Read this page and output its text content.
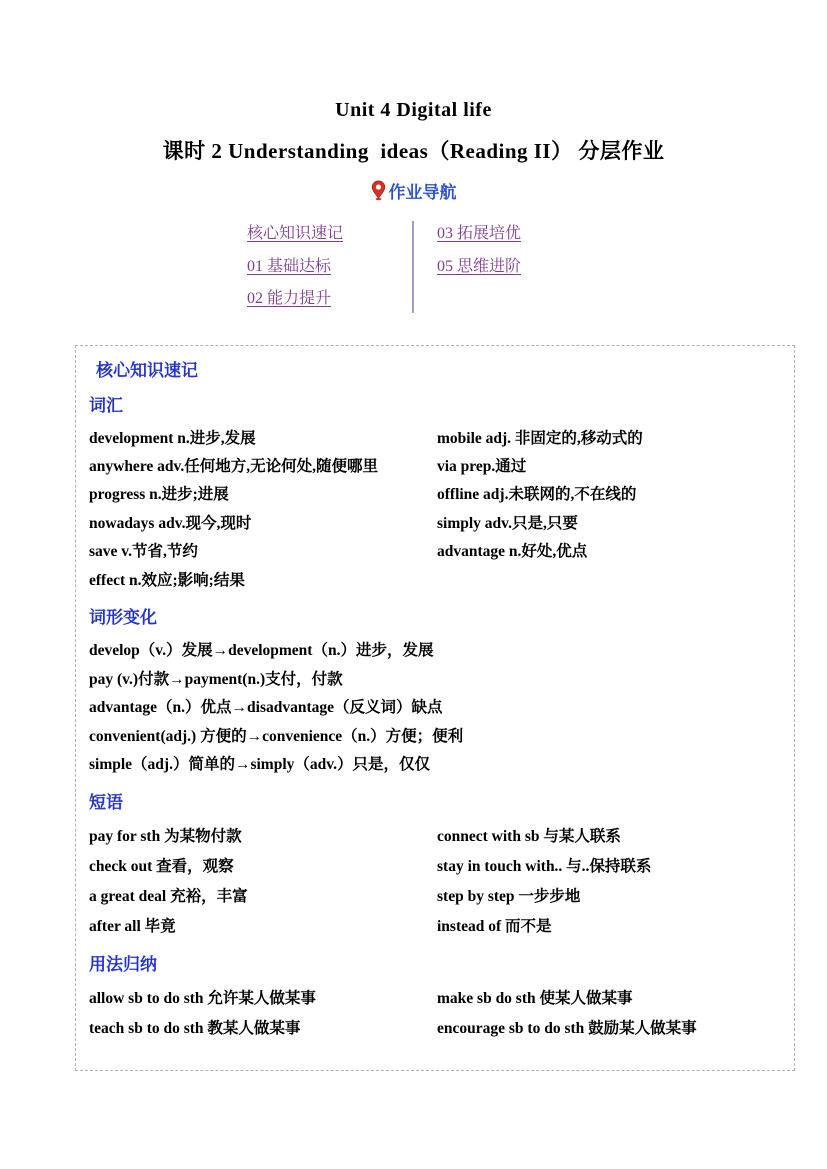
Unit 4 Digital life
课时 2 Understanding  ideas（Reading II） 分层作业
作业导航
核心知识速记
01 基础达标
02 能力提升
03 拓展培优
05 思维进阶
核心知识速记
词汇
development n.进步,发展	mobile adj. 非固定的,移动式的
anywhere adv.任何地方,无论何处,随便哪里	via prep.通过
progress n.进步;进展	offline adj.未联网的,不在线的
nowadays adv.现今,现时	simply adv.只是,只要
save v.节省,节约	advantage n.好处,优点
effect n.效应;影响;结果
词形变化
develop（v.）发展→development（n.）进步，发展
pay (v.)付款→payment(n.)支付，付款
advantage（n.）优点→disadvantage（反义词）缺点
convenient(adj.) 方便的→convenience（n.）方便；便利
simple（adj.）简单的→simply（adv.）只是，仅仅
短语
pay for sth 为某物付款	connect with sb 与某人联系
check out 查看，观察	stay in touch with.. 与..保持联系
a great deal 充裕，丰富	step by step 一步步地
after all 毕竟	instead of 而不是
用法归纳
allow sb to do sth 允许某人做某事	make sb do sth 使某人做某事
teach sb to do sth 教某人做某事	encourage sb to do sth 鼓励某人做某事
